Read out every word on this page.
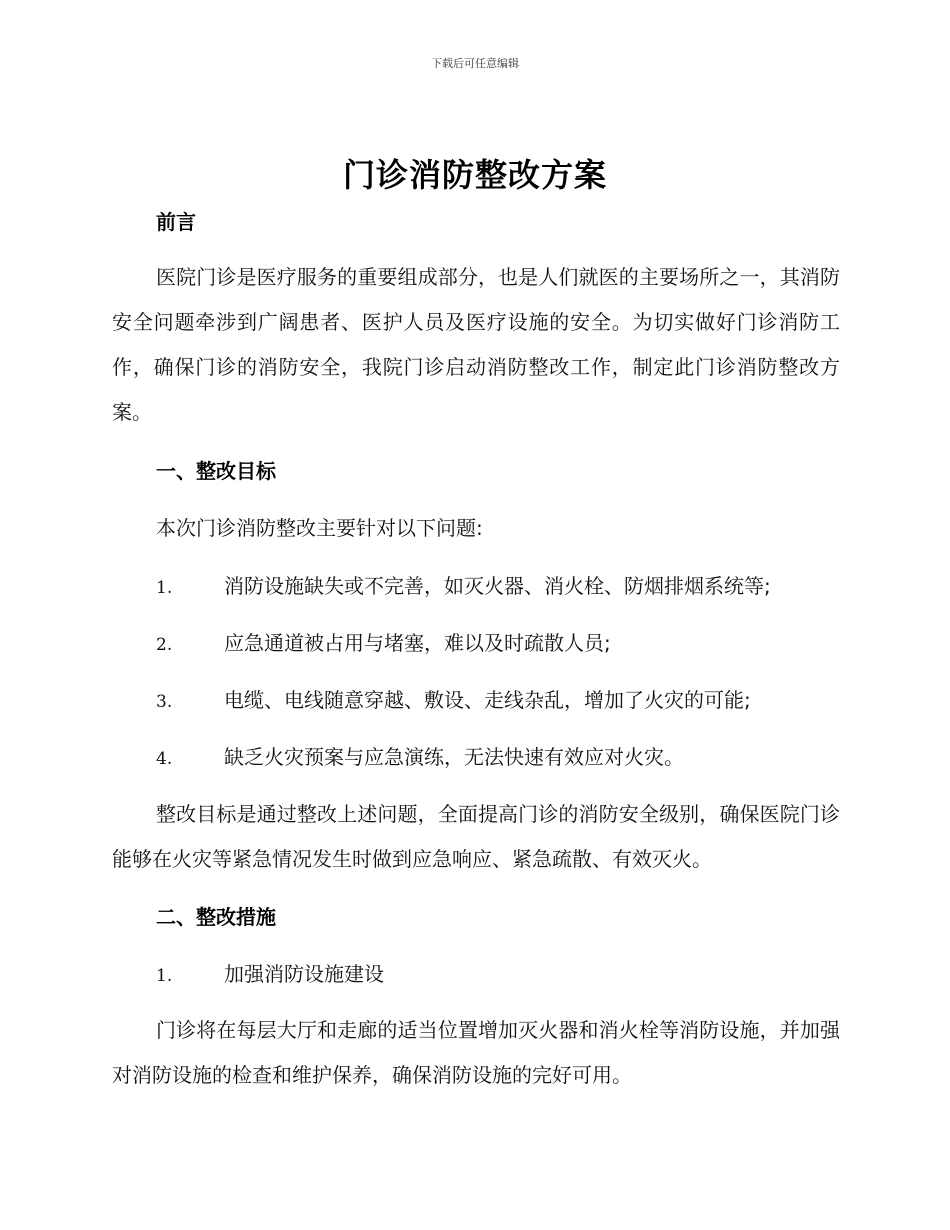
下载后可任意编辑
门诊消防整改方案
前言
医院门诊是医疗服务的重要组成部分，也是人们就医的主要场所之一，其消防安全问题牵涉到广阔患者、医护人员及医疗设施的安全。为切实做好门诊消防工作，确保门诊的消防安全，我院门诊启动消防整改工作，制定此门诊消防整改方案。
一、整改目标
本次门诊消防整改主要针对以下问题:
1.	消防设施缺失或不完善，如灭火器、消火栓、防烟排烟系统等;
2.	应急通道被占用与堵塞，难以及时疏散人员;
3.	电缆、电线随意穿越、敷设、走线杂乱，增加了火灾的可能;
4.	缺乏火灾预案与应急演练，无法快速有效应对火灾。
整改目标是通过整改上述问题，全面提高门诊的消防安全级别，确保医院门诊能够在火灾等紧急情况发生时做到应急响应、紧急疏散、有效灭火。
二、整改措施
1.	加强消防设施建设
门诊将在每层大厅和走廊的适当位置增加灭火器和消火栓等消防设施，并加强对消防设施的检查和维护保养，确保消防设施的完好可用。
